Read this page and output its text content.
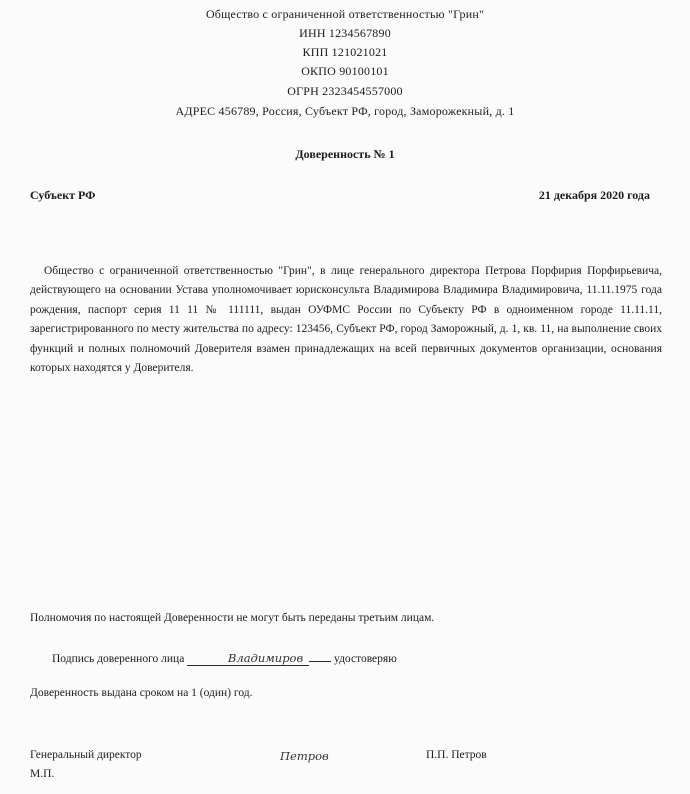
Общество с ограниченной ответственностью "Грин"
ИНН 1234567890
КПП 121021021
ОКПО 90100101
ОГРН 2323454557000
АДРЕС 456789, Россия, Субъект РФ, город, Заморожекный, д. 1
Доверенность № 1
Субъект РФ	21 декабря 2020 года
Общество с ограниченной ответственностью "Грин", в лице генерального директора Петрова Порфирия Порфирьевича, действующего на основании Устава уполномочивает юрисконсульта Владимирова Владимира Владимировича, 11.11.1975 года рождения, паспорт серия 11 11 № 111111, выдан ОУФМС России по Субъекту РФ в одноименном городе 11.11.11, зарегистрированного по месту жительства по адресу: 123456, Субъект РФ, город Заморожный, д. 1, кв. 11, на выполнение своих функций и полных полномочий Доверителя взамен принадлежащих на всей первичных документов организации, основания которых находятся у Доверителя.
Полномочия по настоящей Доверенности не могут быть переданы третьим лицам.
Подпись доверенного лица	Владимиров	удостоверяю
Доверенность выдана сроком на 1 (один) год.
Генеральный директор	Петров	П.П. Петров
М.П.
